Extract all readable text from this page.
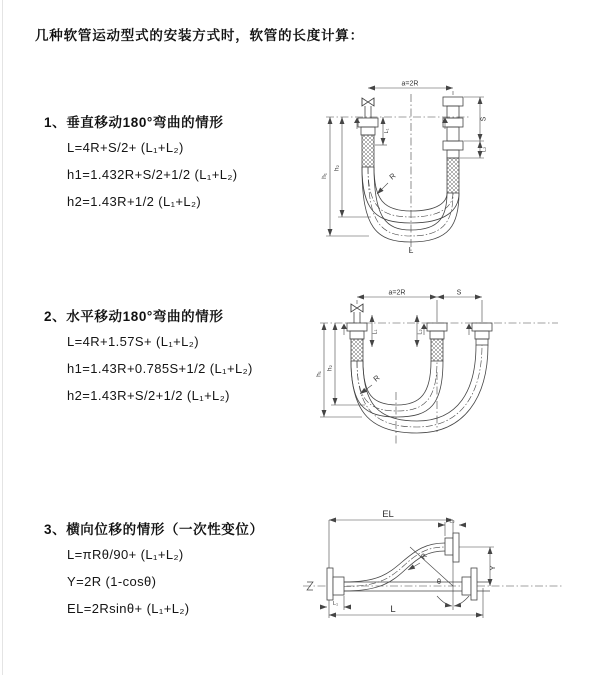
几种软管运动型式的安装方式时，软管的长度计算：
1、垂直移动180°弯曲的情形
L=4R+S/2+ (L₁+L₂)
h1=1.432R+S/2+1/2 (L₁+L₂)
h2=1.43R+1/2 (L₁+L₂)
2、水平移动180°弯曲的情形
L=4R+1.57S+ (L₁+L₂)
h1=1.43R+0.785S+1/2 (L₁+L₂)
h2=1.43R+S/2+1/2 (L₁+L₂)
3、横向位移的情形（一次性变位）
L=πRθ/90+ (L₁+L₂)
Y=2R (1-cosθ)
EL=2Rsinθ+ (L₁+L₂)
a=2R
h₁
h₂
S
L₂
L₁
R
L
a=2R	S
h₁
h₂
L₁	L₂
R
EL
L₂
L₁
Y
L
θ
R
